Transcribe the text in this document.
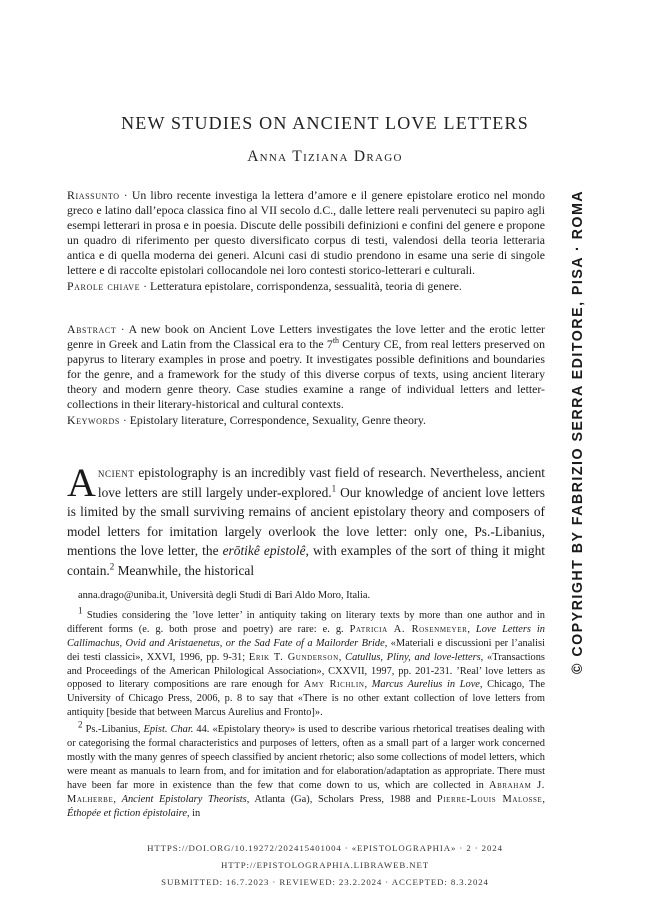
NEW STUDIES ON ANCIENT LOVE LETTERS
Anna Tiziana Drago

Riassunto · Un libro recente investiga la lettera d’amore e il genere epistolare erotico nel mondo greco e latino dall’epoca classica fino al VII secolo d.C., dalle lettere reali pervenuteci su papiro agli esempi letterari in prosa e in poesia. Discute delle possibili definizioni e confini del genere e propone un quadro di riferimento per questo diversificato corpus di testi, valendosi della teoria letteraria antica e di quella moderna dei generi. Alcuni casi di studio prendono in esame una serie di singole lettere e di raccolte epistolari collocandole nei loro contesti storico-letterari e culturali.

Parole chiave · Letteratura epistolare, corrispondenza, sessualità, teoria di genere.

Abstract · A new book on Ancient Love Letters investigates the love letter and the erotic letter genre in Greek and Latin from the Classical era to the 7th Century CE, from real letters preserved on papyrus to literary examples in prose and poetry. It investigates possible definitions and boundaries for the genre, and a framework for the study of this diverse corpus of texts, using ancient literary theory and modern genre theory. Case studies examine a range of individual letters and letter-collections in their literary-historical and cultural contexts.

Keywords · Epistolary literature, Correspondence, Sexuality, Genre theory.

Ancient epistolography is an incredibly vast field of research. Nevertheless, ancient love letters are still largely under-explored.$^1$ Our knowledge of ancient love letters is limited by the small surviving remains of ancient epistolary theory and composers of model letters for imitation largely overlook the love letter: only one, Ps.-Libanius, mentions the love letter, the erōtikê epistolê, with examples of the sort of thing it might contain.$^2$ Meanwhile, the historical

anna.drago@uniba.it, Università degli Studi di Bari Aldo Moro, Italia.

1 Studies considering the ’love letter’ in antiquity taking on literary texts by more than one author and in different forms (e. g. both prose and poetry) are rare: e. g. Patricia A. Rosenmeyer, Love Letters in Callimachus, Ovid and Aristaenetus, or the Sad Fate of a Mailorder Bride, «Materiali e discussioni per l’analisi dei testi classici», XXVI, 1996, pp. 9-31; Erik T. Gunderson, Catullus, Pliny, and love-letters, «Transactions and Proceedings of the American Philological Association», CXXVII, 1997, pp. 201-231. ’Real’ love letters as opposed to literary compositions are rare enough for Amy Richlin, Marcus Aurelius in Love, Chicago, The University of Chicago Press, 2006, p. 8 to say that «There is no other extant collection of love letters from antiquity [beside that between Marcus Aurelius and Fronto]».

2 Ps.-Libanius, Epist. Char. 44. «Epistolary theory» is used to describe various rhetorical treatises dealing with or categorising the formal characteristics and purposes of letters, often as a small part of a larger work concerned mostly with the many genres of speech classified by ancient rhetoric; also some collections of model letters, which were meant as manuals to learn from, and for imitation and for elaboration/adaptation as appropriate. There must have been far more in existence than the few that come down to us, which are collected in Abraham J. Malherbe, Ancient Epistolary Theorists, Atlanta (Ga), Scholars Press, 1988 and Pierre-Louis Malosse, Éthopée et fiction épistolaire, in

HTTPS://DOI.ORG/10.19272/202415401004 · «EPISTOLOGRAPHIA» · 2 · 2024
HTTP://EPISTOLOGRAPHIA.LIBRAWEB.NET
SUBMITTED: 16.7.2023 · REVIEWED: 23.2.2024 · ACCEPTED: 8.3.2024
© COPYRIGHT BY FABRIZIO SERRA EDITORE, PISA · ROMA
